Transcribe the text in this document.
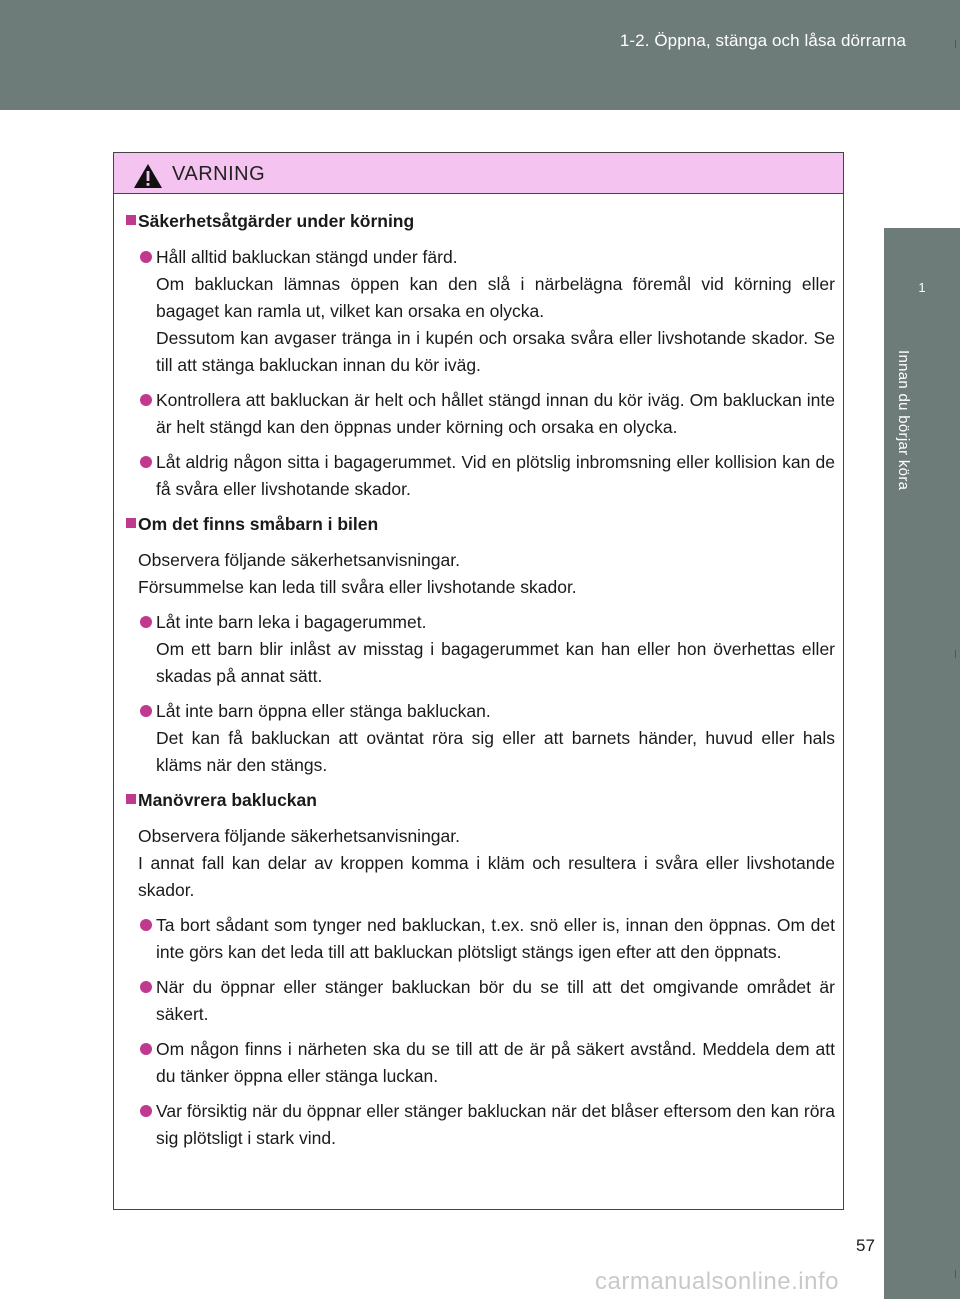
1-2. Öppna, stänga och låsa dörrarna
1
Innan du börjar köra
VARNING
Säkerhetsåtgärder under körning
Håll alltid bakluckan stängd under färd.
Om bakluckan lämnas öppen kan den slå i närbelägna föremål vid körning eller bagaget kan ramla ut, vilket kan orsaka en olycka.
Dessutom kan avgaser tränga in i kupén och orsaka svåra eller livshotande skador. Se till att stänga bakluckan innan du kör iväg.
Kontrollera att bakluckan är helt och hållet stängd innan du kör iväg. Om bakluckan inte är helt stängd kan den öppnas under körning och orsaka en olycka.
Låt aldrig någon sitta i bagagerummet. Vid en plötslig inbromsning eller kollision kan de få svåra eller livshotande skador.
Om det finns småbarn i bilen
Observera följande säkerhetsanvisningar.
Försummelse kan leda till svåra eller livshotande skador.
Låt inte barn leka i bagagerummet.
Om ett barn blir inlåst av misstag i bagagerummet kan han eller hon överhettas eller skadas på annat sätt.
Låt inte barn öppna eller stänga bakluckan.
Det kan få bakluckan att oväntat röra sig eller att barnets händer, huvud eller hals kläms när den stängs.
Manövrera bakluckan
Observera följande säkerhetsanvisningar.
I annat fall kan delar av kroppen komma i kläm och resultera i svåra eller livshotande skador.
Ta bort sådant som tynger ned bakluckan, t.ex. snö eller is, innan den öppnas. Om det inte görs kan det leda till att bakluckan plötsligt stängs igen efter att den öppnats.
När du öppnar eller stänger bakluckan bör du se till att det omgivande området är säkert.
Om någon finns i närheten ska du se till att de är på säkert avstånd. Meddela dem att du tänker öppna eller stänga luckan.
Var försiktig när du öppnar eller stänger bakluckan när det blåser eftersom den kan röra sig plötsligt i stark vind.
57
carmanualsonline.info
